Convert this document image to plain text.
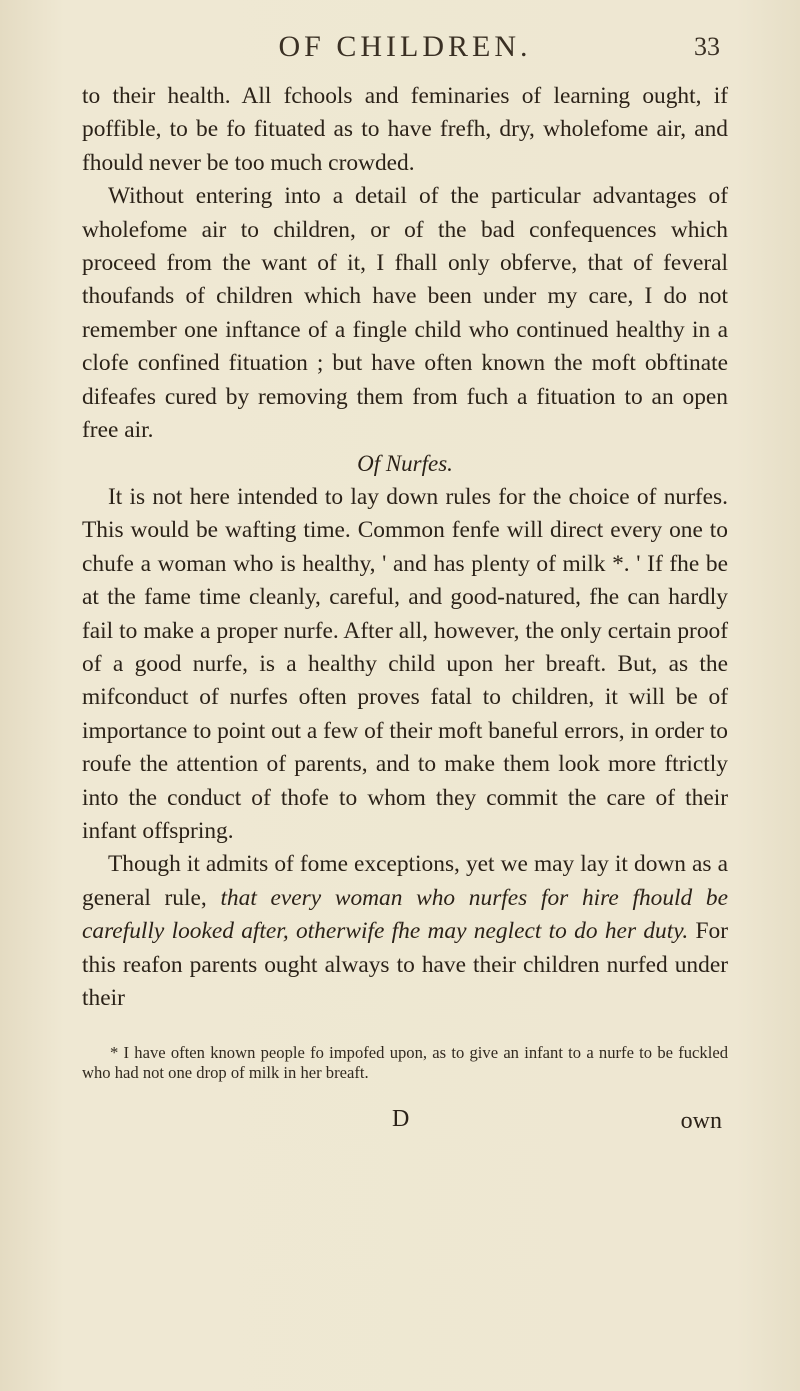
OF CHILDREN.	33

to their health. All fchools and feminaries of learning ought, if poffible, to be fo fituated as to have frefh, dry, wholefome air, and fhould never be too much crowded.

Without entering into a detail of the particular advantages of wholefome air to children, or of the bad confequences which proceed from the want of it, I fhall only obferve, that of feveral thoufands of children which have been under my care, I do not remember one inftance of a fingle child who continued healthy in a clofe confined fituation ; but have often known the moft obftinate difeafes cured by removing them from fuch a fituation to an open free air.

Of Nurfes.

It is not here intended to lay down rules for the choice of nurfes. This would be wafting time. Common fenfe will direct every one to chufe a woman who is healthy, ' and has plenty of milk *. ' If fhe be at the fame time cleanly, careful, and good-natured, fhe can hardly fail to make a proper nurfe. After all, however, the only certain proof of a good nurfe, is a healthy child upon her breaft. But, as the mifconduct of nurfes often proves fatal to children, it will be of importance to point out a few of their moft baneful errors, in order to roufe the attention of parents, and to make them look more ftrictly into the conduct of thofe to whom they commit the care of their infant offspring.

Though it admits of fome exceptions, yet we may lay it down as a general rule, that every woman who nurfes for hire fhould be carefully looked after, otherwife fhe may neglect to do her duty. For this reafon parents ought always to have their children nurfed under their

* I have often known people fo impofed upon, as to give an infant to a nurfe to be fuckled who had not one drop of milk in her breaft.

D	own
